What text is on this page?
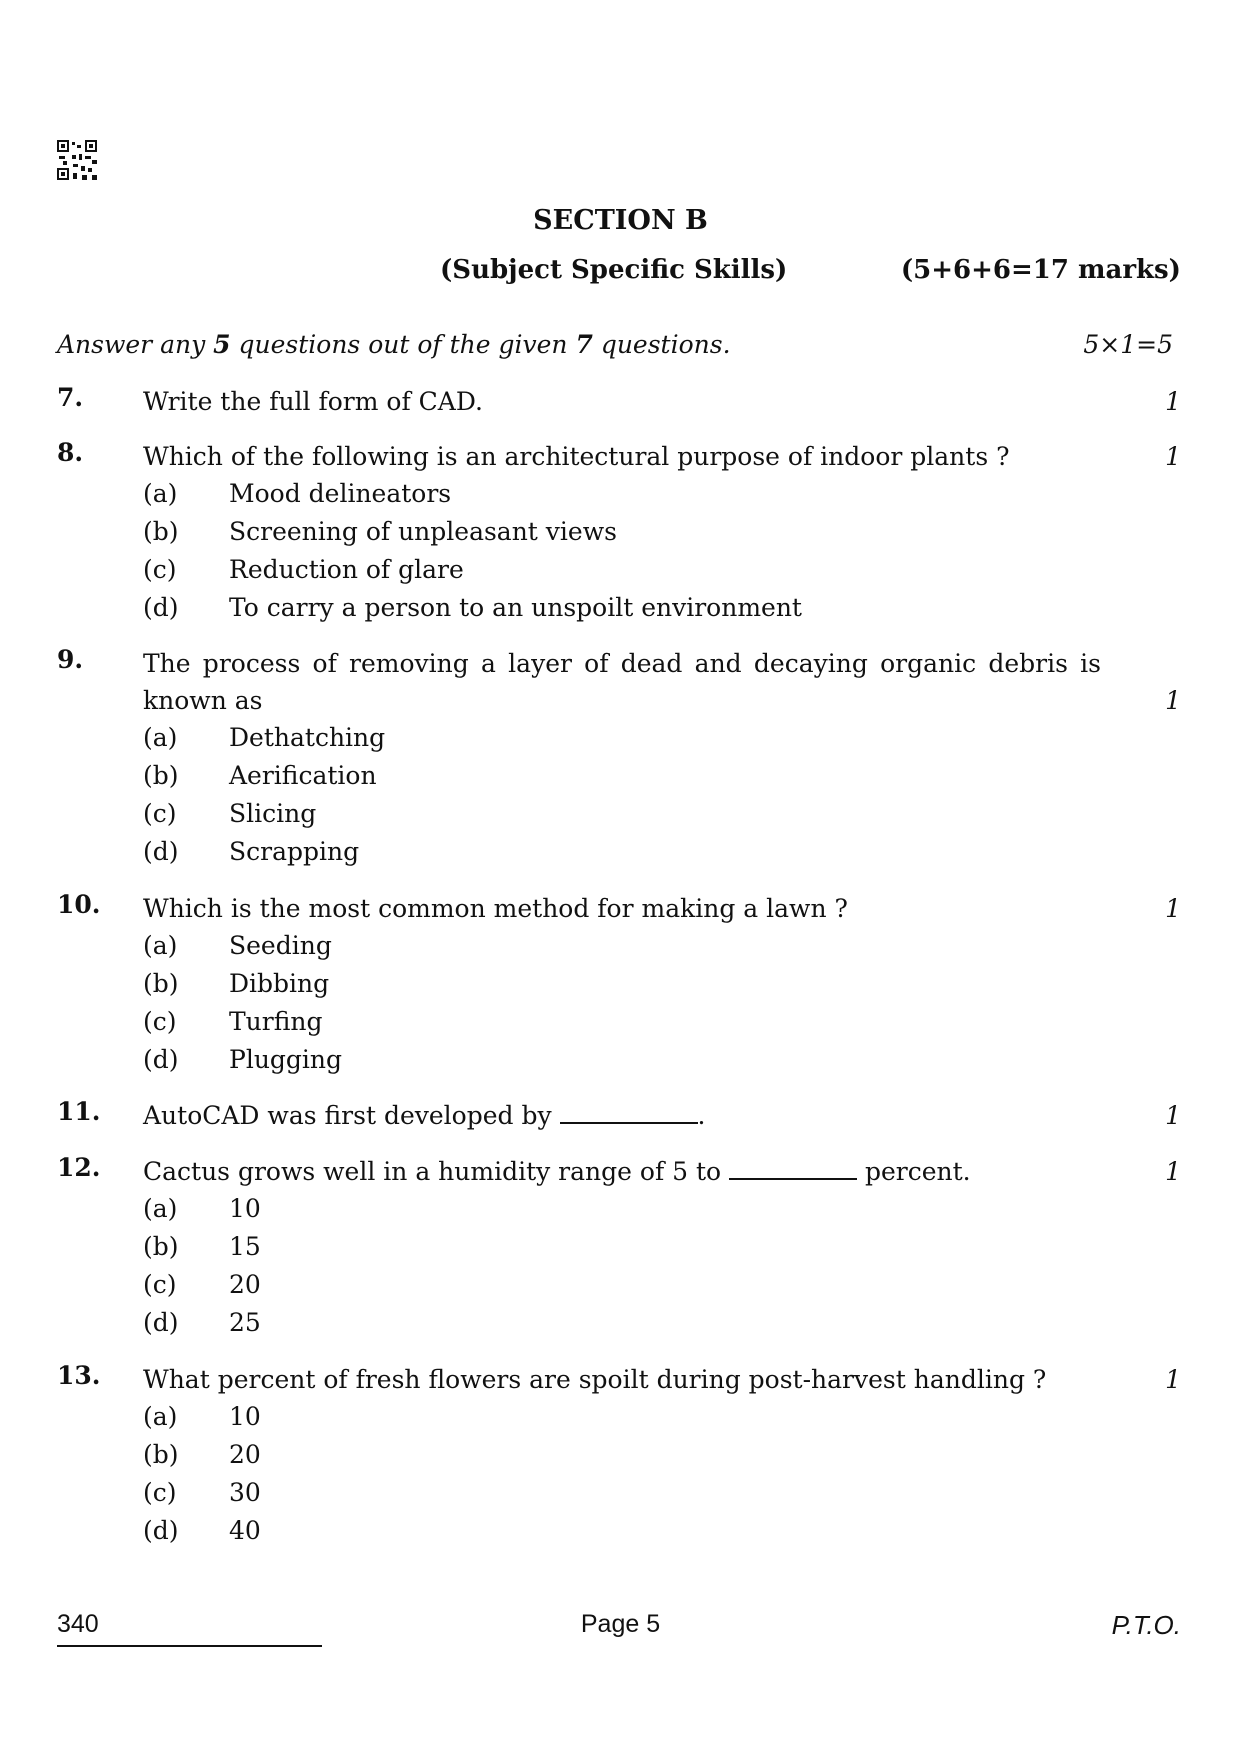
SECTION B
(Subject Specific Skills)	(5+6+6=17 marks)
Answer any 5 questions out of the given 7 questions.	5×1=5
7.	Write the full form of CAD.	1
8.	Which of the following is an architectural purpose of indoor plants ?	1
(a)	Mood delineators
(b)	Screening of unpleasant views
(c)	Reduction of glare
(d)	To carry a person to an unspoilt environment
9.	The process of removing a layer of dead and decaying organic debris is
known as	1
(a)	Dethatching
(b)	Aerification
(c)	Slicing
(d)	Scrapping
10.	Which is the most common method for making a lawn ?	1
(a)	Seeding
(b)	Dibbing
(c)	Turfing
(d)	Plugging
11.	AutoCAD was first developed by	.	1
12.	Cactus grows well in a humidity range of 5 to	percent.	1
(a)	10
(b)	15
(c)	20
(d)	25
13.	What percent of fresh flowers are spoilt during post-harvest handling ?	1
(a)	10
(b)	20
(c)	30
(d)	40
340	Page 5	P.T.O.
